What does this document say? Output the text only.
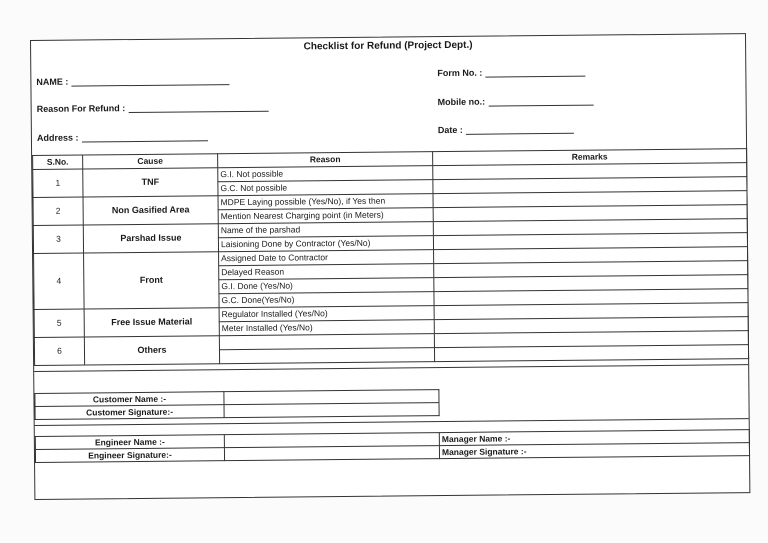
Checklist for Refund (Project Dept.)
NAME :
Form No. :
Reason For Refund :
Mobile no.:
Address :
Date :
S.No.	Cause	Reason	Remarks
1	TNF	G.I. Not possible	
		G.C. Not possible	
2	Non Gasified Area	MDPE Laying possible (Yes/No), if Yes then	
		Mention Nearest Charging point (in Meters)	
3	Parshad Issue	Name of the parshad	
		Laisioning Done by Contractor (Yes/No)	
4	Front	Assigned Date to Contractor	
		Delayed Reason	
		G.I. Done (Yes/No)	
		G.C. Done(Yes/No)	
5	Free Issue Material	Regulator Installed (Yes/No)	
		Meter Installed (Yes/No)	
6	Others		

Customer Name :-	
Customer Signature:-	
Engineer Name :-		Manager Name :-
Engineer Signature:-		Manager Signature :-
